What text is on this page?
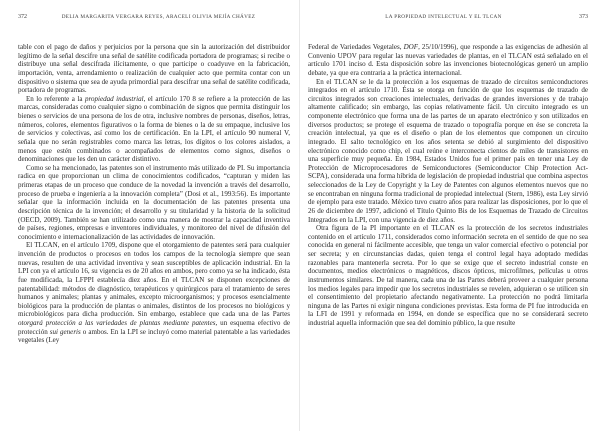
372	DELIA MARGARITA VERGARA REYES, ARACELI OLIVIA MEJÍA CHÁVEZ

table con el pago de daños y perjuicios por la persona que sin la autorización del distribuidor legítimo de la señal descifre una señal de satélite codificada portadora de programas; si recibe o distribuye una señal descifrada ilícitamente, o que participe o coadyuve en la fabricación, importación, venta, arrendamiento o realización de cualquier acto que permita contar con un dispositivo o sistema que sea de ayuda primordial para descifrar una señal de satélite codificada, portadora de programas.

En lo referente a la propiedad industrial, el artículo 170 8 se refiere a la protección de las marcas, consideradas como cualquier signo o combinación de signos que permita distinguir los bienes o servicios de una persona de los de otra, inclusive nombres de personas, diseños, letras, números, colores, elementos figurativos o la forma de bienes o la de su empaque, inclusive los de servicios y colectivas, así como los de certificación. En la LPI, el artículo 90 numeral V, señala que no serán registrables como marca las letras, los dígitos o los colores aislados, a menos que estén combinados o acompañados de elementos como signos, diseños o denominaciones que les den un carácter distintivo.

Como se ha mencionado, las patentes son el instrumento más utilizado de PI. Su importancia radica en que proporcionan un clima de conocimientos codificados, “capturan y miden las primeras etapas de un proceso que conduce de la novedad la invención a través del desarrollo, proceso de prueba e ingeniería a la innovación completa” (Dosi et al., 1993:56). Es importante señalar que la información incluida en la documentación de las patentes presenta una descripción técnica de la invención; el desarrollo y su titularidad y la historia de la solicitud (OECD, 2009). También se han utilizado como una manera de mostrar la capacidad inventiva de países, regiones, empresas e inventores individuales, y monitoreo del nivel de difusión del conocimiento e internacionalización de las actividades de innovación.

El TLCAN, en el artículo 1709, dispone que el otorgamiento de patentes será para cualquier invención de productos o procesos en todos los campos de la tecnología siempre que sean nuevas, resulten de una actividad inventiva y sean susceptibles de aplicación industrial. En la LPI con ya el artículo 16, su vigencia es de 20 años en ambos, pero como ya se ha indicado, ésta fue modificada, la LFPPI establecía diez años. En el TLCAN se disponen excepciones de patentabilidad: métodos de diagnóstico, terapéuticos y quirúrgicos para el tratamiento de seres humanos y animales; plantas y animales, excepto microorganismos; y procesos esencialmente biológicos para la producción de plantas o animales, distintos de los procesos no biológicos y microbiológicos para dicha producción. Sin embargo, establece que cada una de las Partes otorgará protección a las variedades de plantas mediante patentes, un esquema efectivo de protección sui generis o ambos. En la LPI se incluyó como material patentable a las variedades vegetales (Ley

LA PROPIEDAD INTELECTUAL Y EL TLCAN	373

Federal de Variedades Vegetales, DOF, 25/10/1996), que responde a las exigencias de adhesión al Convenio UPOV para regular las nuevas variedades de plantas, en el TLCAN está señalado en el artículo 1701 inciso d. Esta disposición sobre las invenciones biotecnológicas generó un amplio debate, ya que era contraria a la práctica internacional.

En el TLCAN se le da la protección a los esquemas de trazado de circuitos semiconductores integrados en el artículo 1710. Ésta se otorga en función de que los esquemas de trazado de circuitos integrados son creaciones intelectuales, derivadas de grandes inversiones y de trabajo altamente calificado; sin embargo, las copias relativamente fácil. Un circuito integrado es un componente electrónico que forma una de las partes de un aparato electrónico y son utilizados en diversos productos; se protege el esquema de trazado o topografía porque en ése se concreta la creación intelectual, ya que es el diseño o plan de los elementos que componen un circuito integrado. El salto tecnológico en los años setenta se debió al surgimiento del dispositivo electrónico conocido como chip, el cual reúne e interconecta cientos de miles de transistores en una superficie muy pequeña. En 1984, Estados Unidos fue el primer país en tener una Ley de Protección de Microprocesadores de Semiconductores (Semiconductor Chip Protection Act-SCPA), considerada una forma híbrida de legislación de propiedad industrial que combina aspectos seleccionados de la Ley de Copyright y la Ley de Patentes con algunos elementos nuevos que no se encontraban en ninguna forma tradicional de propiedad intelectual (Stern, 1986), esta Ley sirvió de ejemplo para este tratado. México tuvo cuatro años para realizar las disposiciones, por lo que el 26 de diciembre de 1997, adicionó el Título Quinto Bis de los Esquemas de Trazado de Circuitos Integrados en la LPI, con una vigencia de diez años.

Otra figura de la PI importante en el TLCAN es la protección de los secretos industriales contenido en el artículo 1711, considerados como información secreta en el sentido de que no sea conocida en general ni fácilmente accesible, que tenga un valor comercial efectivo o potencial por ser secreta; y en circunstancias dadas, quien tenga el control legal haya adoptado medidas razonables para mantenerla secreta. Por lo que se exige que el secreto industrial conste en documentos, medios electrónicos o magnéticos, discos ópticos, microfilmes, películas u otros instrumentos similares. De tal manera, cada una de las Partes deberá proveer a cualquier persona los medios legales para impedir que los secretos industriales se revelen, adquieran o se utilicen sin el consentimiento del propietario afectando negativamente. La protección no podrá limitarla ninguna de las Partes ni exigir ninguna condiciones previstas. Esta forma de PI fue introducida en la LFI de 1991 y reformada en 1994, en donde se específica que no se considerará secreto industrial aquella información que sea del dominio público, la que resulte
